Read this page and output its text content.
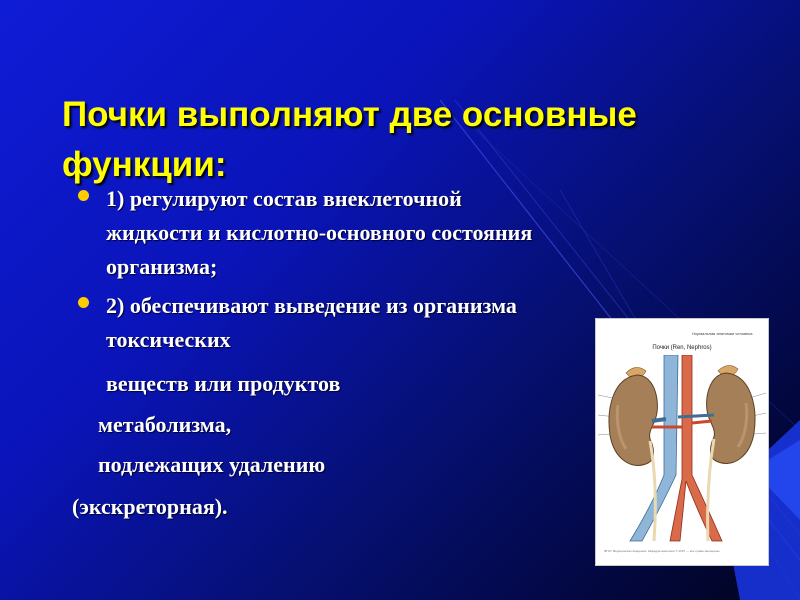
Почки выполняют две основные
функции:
1) регулируют состав внеклеточной
жидкости и кислотно-основного состояния
организма;
2) обеспечивают выведение из организма
токсических
веществ или продуктов
метаболизма,
подлежащих удалению
(экскреторная).
Нормальная анатомия человека
Почки (Ren, Nephros)
ФГОУ Медицинская Академия. Кафедра анатомии © 2007 — все права защищены
